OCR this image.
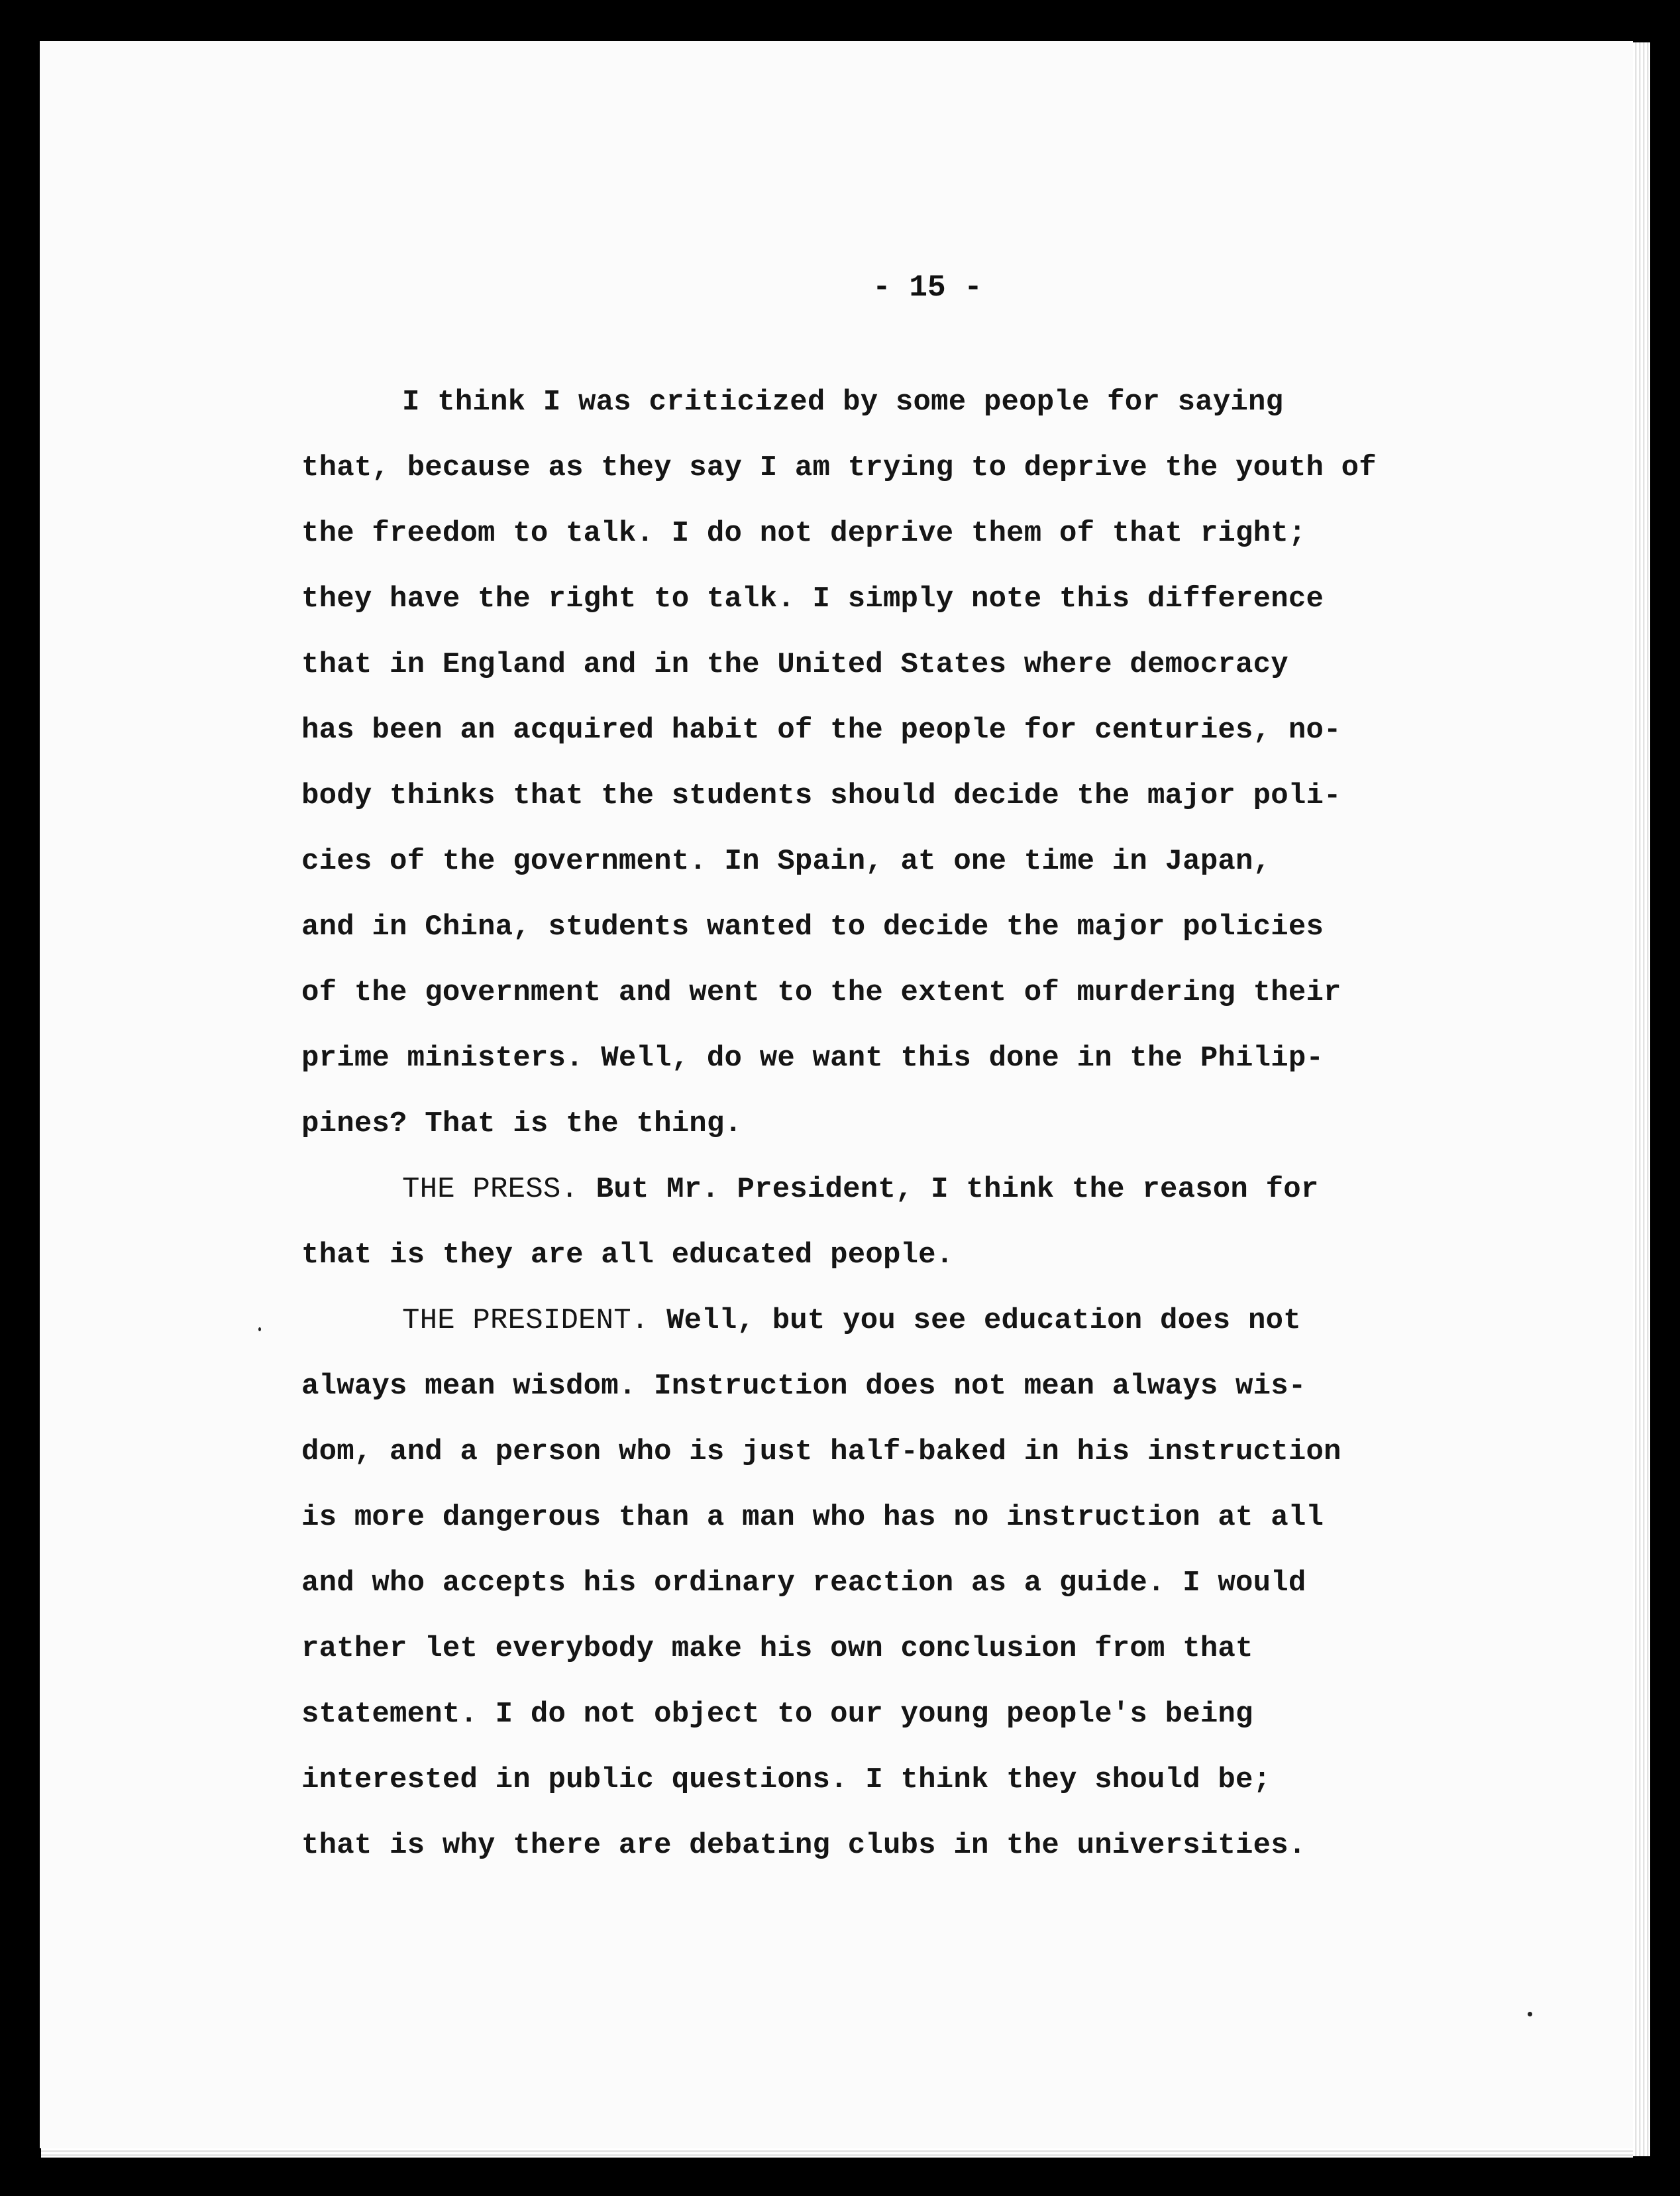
- 15 -
I think I was criticized by some people for saying
that, because as they say I am trying to deprive the youth of
the freedom to talk. I do not deprive them of that right;
they have the right to talk. I simply note this difference
that in England and in the United States where democracy
has been an acquired habit of the people for centuries, no-
body thinks that the students should decide the major poli-
cies of the government. In Spain, at one time in Japan,
and in China, students wanted to decide the major policies
of the government and went to the extent of murdering their
prime ministers. Well, do we want this done in the Philip-
pines? That is the thing.
THE PRESS. But Mr. President, I think the reason for
that is they are all educated people.
THE PRESIDENT. Well, but you see education does not
always mean wisdom. Instruction does not mean always wis-
dom, and a person who is just half-baked in his instruction
is more dangerous than a man who has no instruction at all
and who accepts his ordinary reaction as a guide. I would
rather let everybody make his own conclusion from that
statement. I do not object to our young people's being
interested in public questions. I think they should be;
that is why there are debating clubs in the universities.
